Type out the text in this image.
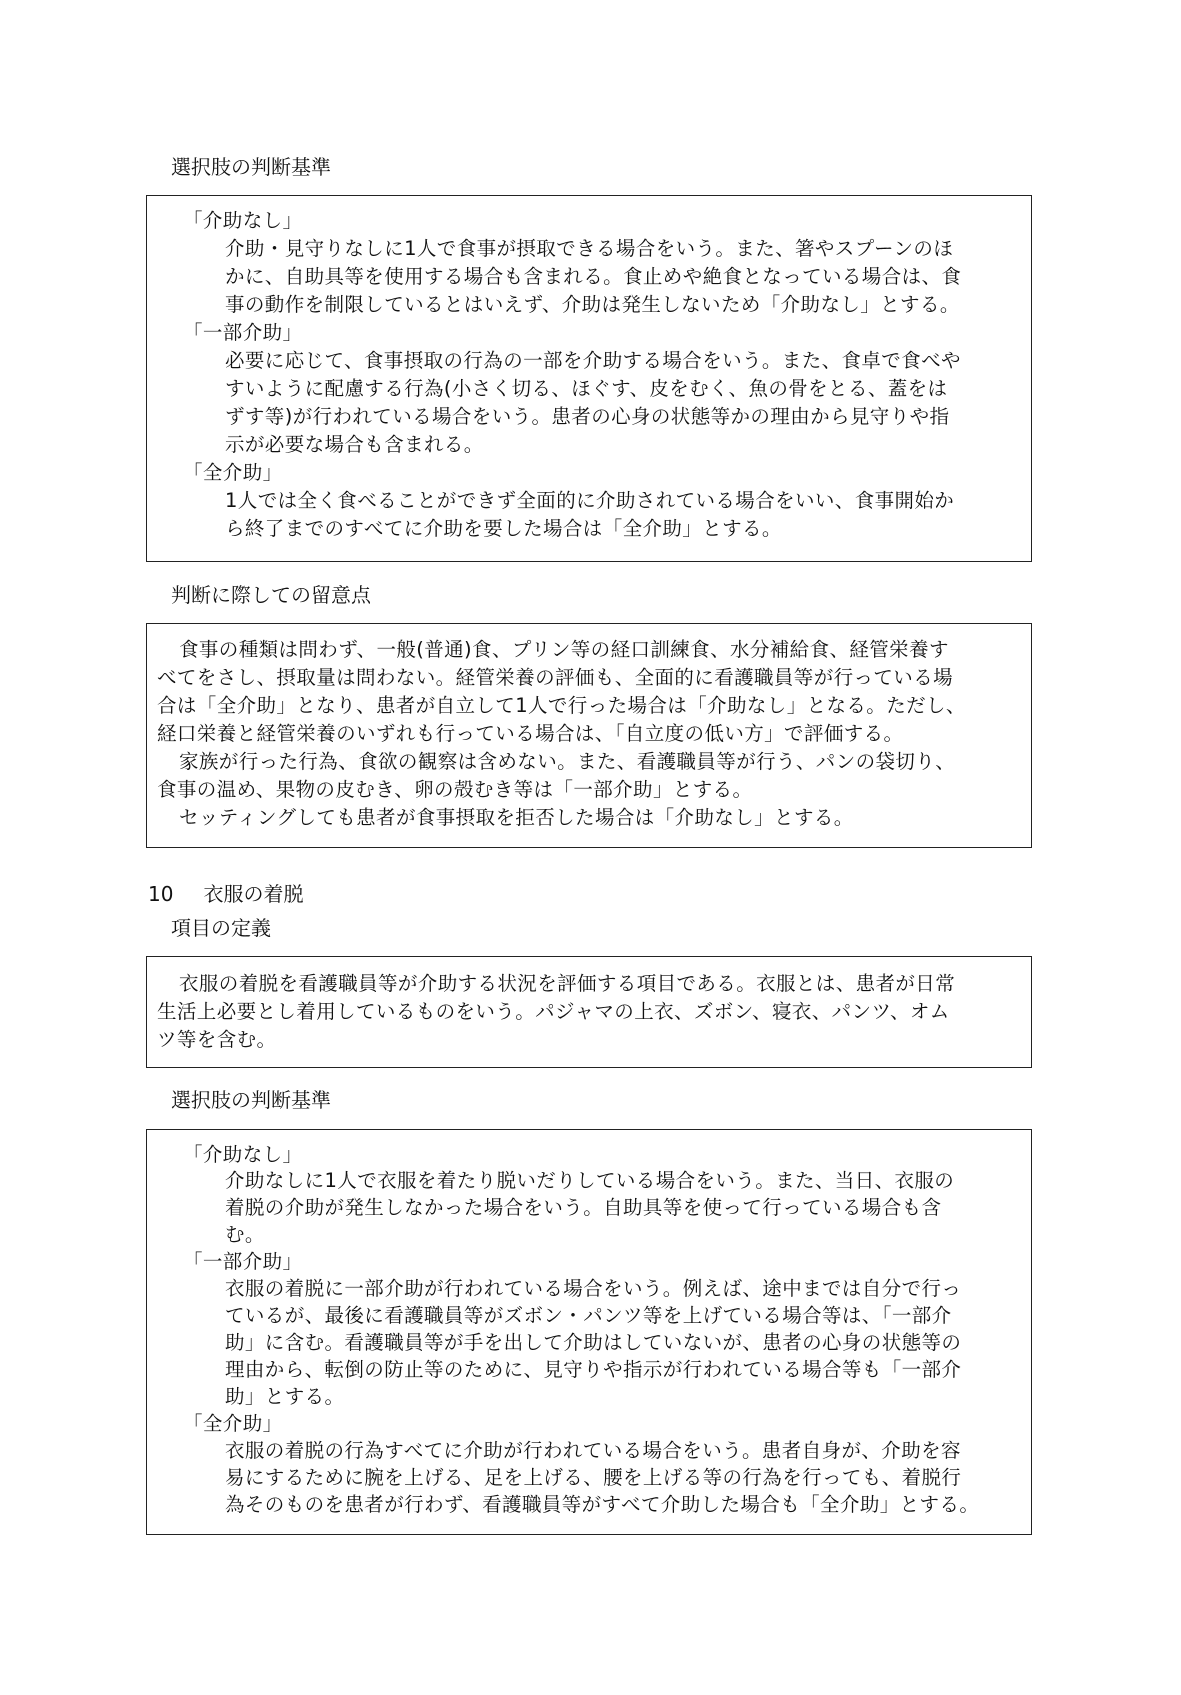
選択肢の判断基準
「介助なし」
介助・見守りなしに1人で食事が摂取できる場合をいう。また、箸やスプーンのほ
かに、自助具等を使用する場合も含まれる。食止めや絶食となっている場合は、食
事の動作を制限しているとはいえず、介助は発生しないため「介助なし」とする。
「一部介助」
必要に応じて、食事摂取の行為の一部を介助する場合をいう。また、食卓で食べや
すいように配慮する行為(小さく切る、ほぐす、皮をむく、魚の骨をとる、蓋をは
ずす等)が行われている場合をいう。患者の心身の状態等かの理由から見守りや指
示が必要な場合も含まれる。
「全介助」
1人では全く食べることができず全面的に介助されている場合をいい、食事開始か
ら終了までのすべてに介助を要した場合は「全介助」とする。
判断に際しての留意点
食事の種類は問わず、一般(普通)食、プリン等の経口訓練食、水分補給食、経管栄養す
べてをさし、摂取量は問わない。経管栄養の評価も、全面的に看護職員等が行っている場
合は「全介助」となり、患者が自立して1人で行った場合は「介助なし」となる。ただし、
経口栄養と経管栄養のいずれも行っている場合は、「自立度の低い方」で評価する。
家族が行った行為、食欲の観察は含めない。また、看護職員等が行う、パンの袋切り、
食事の温め、果物の皮むき、卵の殻むき等は「一部介助」とする。
セッティングしても患者が食事摂取を拒否した場合は「介助なし」とする。
10 衣服の着脱
項目の定義
衣服の着脱を看護職員等が介助する状況を評価する項目である。衣服とは、患者が日常
生活上必要とし着用しているものをいう。パジャマの上衣、ズボン、寝衣、パンツ、オム
ツ等を含む。
選択肢の判断基準
「介助なし」
介助なしに1人で衣服を着たり脱いだりしている場合をいう。また、当日、衣服の
着脱の介助が発生しなかった場合をいう。自助具等を使って行っている場合も含
む。
「一部介助」
衣服の着脱に一部介助が行われている場合をいう。例えば、途中までは自分で行っ
ているが、最後に看護職員等がズボン・パンツ等を上げている場合等は、「一部介
助」に含む。看護職員等が手を出して介助はしていないが、患者の心身の状態等の
理由から、転倒の防止等のために、見守りや指示が行われている場合等も「一部介
助」とする。
「全介助」
衣服の着脱の行為すべてに介助が行われている場合をいう。患者自身が、介助を容
易にするために腕を上げる、足を上げる、腰を上げる等の行為を行っても、着脱行
為そのものを患者が行わず、看護職員等がすべて介助した場合も「全介助」とする。
